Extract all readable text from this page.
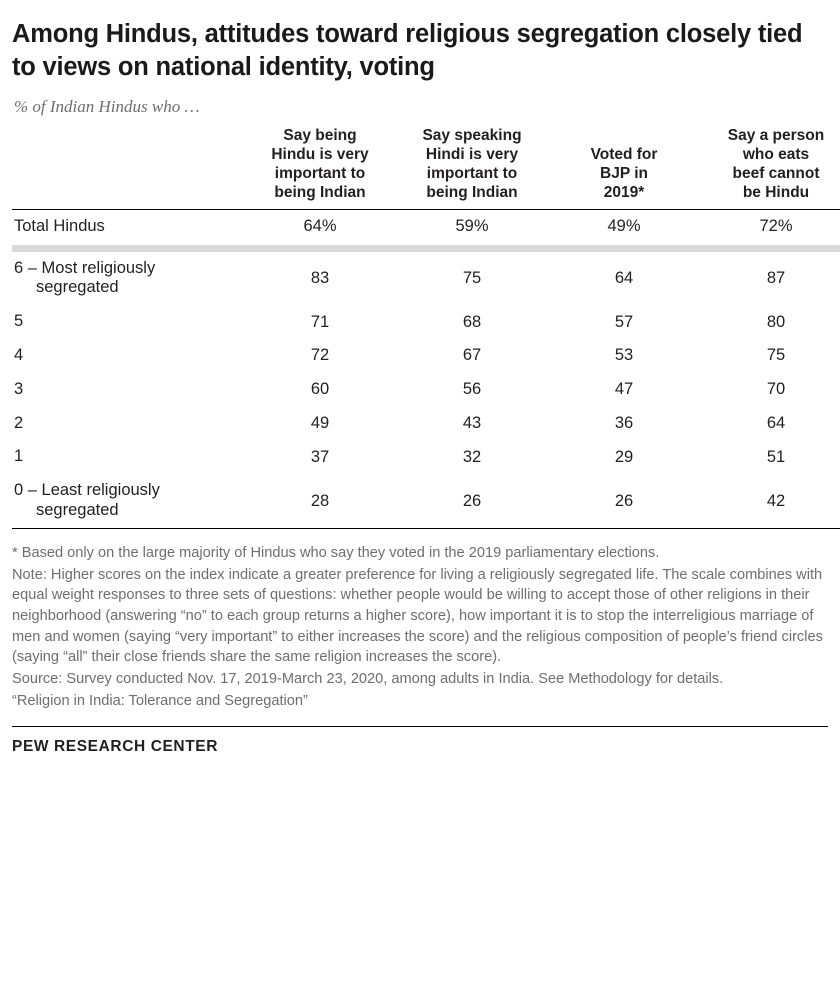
Among Hindus, attitudes toward religious segregation closely tied to views on national identity, voting
% of Indian Hindus who …

Say being
Hindu is very
important to
being Indian

Say speaking
Hindi is very
important to
being Indian

Voted for
BJP in
2019*

Say a person
who eats
beef cannot
be Hindu

Total Hindus	64%	59%	49%	72%

6 – Most religiously
segregated	83	75	64	87
5	71	68	57	80
4	72	67	53	75
3	60	56	47	70
2	49	43	36	64
1	37	32	29	51
0 – Least religiously
segregated	28	26	26	42

* Based only on the large majority of Hindus who say they voted in the 2019 parliamentary elections.

Note: Higher scores on the index indicate a greater preference for living a religiously segregated life. The scale combines with equal weight responses to three sets of questions: whether people would be willing to accept those of other religions in their neighborhood (answering “no” to each group returns a higher score), how important it is to stop the interreligious marriage of men and women (saying “very important” to either increases the score) and the religious composition of people’s friend circles (saying “all” their close friends share the same religion increases the score).

Source: Survey conducted Nov. 17, 2019-March 23, 2020, among adults in India. See Methodology for details.

“Religion in India: Tolerance and Segregation”

PEW RESEARCH CENTER
